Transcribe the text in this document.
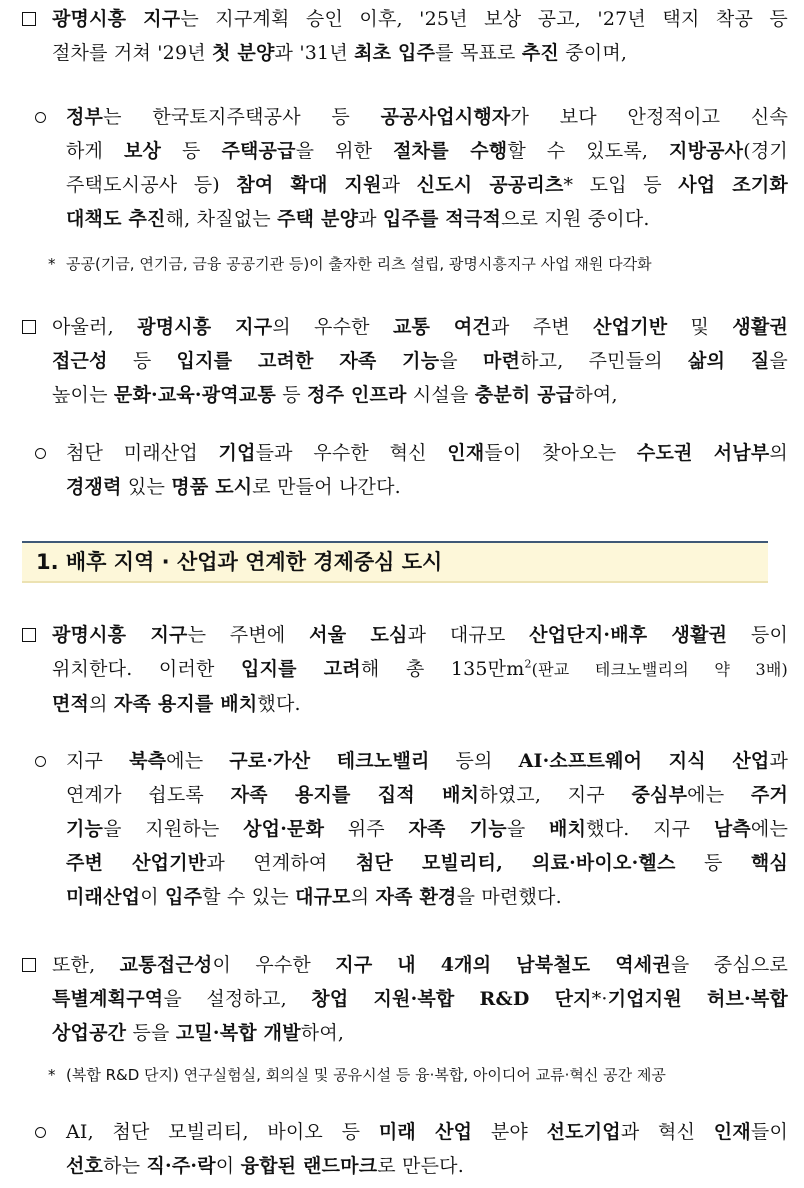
광명시흥 지구는 지구계획 승인 이후, '25년 보상 공고, '27년 택지 착공 등
절차를 거쳐 '29년 첫 분양과 '31년 최초 입주를 목표로 추진 중이며,
정부는 한국토지주택공사 등 공공사업시행자가 보다 안정적이고 신속
하게 보상 등 주택공급을 위한 절차를 수행할 수 있도록, 지방공사(경기
주택도시공사 등) 참여 확대 지원과 신도시 공공리츠* 도입 등 사업 조기화
대책도 추진해, 차질없는 주택 분양과 입주를 적극적으로 지원 중이다.
* 공공(기금, 연기금, 금융 공공기관 등)이 출자한 리츠 설립, 광명시흥지구 사업 재원 다각화
아울러, 광명시흥 지구의 우수한 교통 여건과 주변 산업기반 및 생활권
접근성 등 입지를 고려한 자족 기능을 마련하고, 주민들의 삶의 질을
높이는 문화·교육·광역교통 등 정주 인프라 시설을 충분히 공급하여,
첨단 미래산업 기업들과 우수한 혁신 인재들이 찾아오는 수도권 서남부의
경쟁력 있는 명품 도시로 만들어 나간다.
1. 배후 지역 · 산업과 연계한 경제중심 도시
광명시흥 지구는 주변에 서울 도심과 대규모 산업단지·배후 생활권 등이
위치한다. 이러한 입지를 고려해 총 135만$m^2$(판교 테크노밸리의 약 3배)
면적의 자족 용지를 배치했다.
지구 북측에는 구로·가산 테크노밸리 등의 AI·소프트웨어 지식 산업과
연계가 쉽도록 자족 용지를 집적 배치하였고, 지구 중심부에는 주거
기능을 지원하는 상업·문화 위주 자족 기능을 배치했다. 지구 남측에는
주변 산업기반과 연계하여 첨단 모빌리티, 의료·바이오·헬스 등 핵심
미래산업이 입주할 수 있는 대규모의 자족 환경을 마련했다.
또한, 교통접근성이 우수한 지구 내 4개의 남북철도 역세권을 중심으로
특별계획구역을 설정하고, 창업 지원·복합 R&D 단지*·기업지원 허브·복합
상업공간 등을 고밀·복합 개발하여,
* (복합 R&D 단지) 연구실험실, 회의실 및 공유시설 등 융·복합, 아이디어 교류·혁신 공간 제공
AI, 첨단 모빌리티, 바이오 등 미래 산업 분야 선도기업과 혁신 인재들이
선호하는 직·주·락이 융합된 랜드마크로 만든다.
